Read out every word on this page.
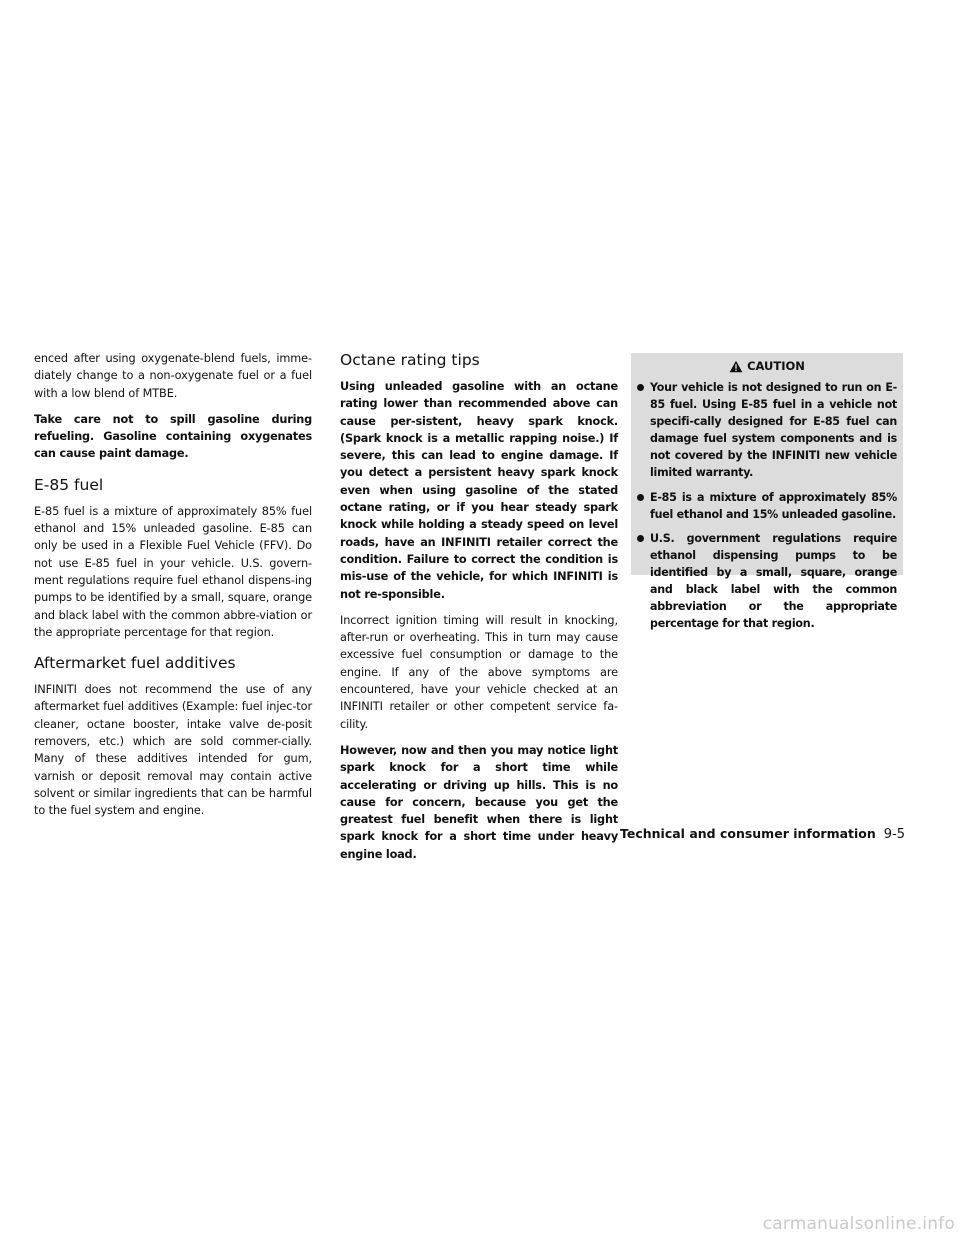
enced after using oxygenate-blend fuels, imme-diately change to a non-oxygenate fuel or a fuel with a low blend of MTBE.

Take care not to spill gasoline during refueling. Gasoline containing oxygenates can cause paint damage.

E-85 fuel

E-85 fuel is a mixture of approximately 85% fuel ethanol and 15% unleaded gasoline. E-85 can only be used in a Flexible Fuel Vehicle (FFV). Do not use E-85 fuel in your vehicle. U.S. govern-ment regulations require fuel ethanol dispens-ing pumps to be identified by a small, square, orange and black label with the common abbre-viation or the appropriate percentage for that region.

Aftermarket fuel additives

INFINITI does not recommend the use of any aftermarket fuel additives (Example: fuel injec-tor cleaner, octane booster, intake valve de-posit removers, etc.) which are sold commer-cially. Many of these additives intended for gum, varnish or deposit removal may contain active solvent or similar ingredients that can be harmful to the fuel system and engine.

Octane rating tips

Using unleaded gasoline with an octane rating lower than recommended above can cause per-sistent, heavy spark knock. (Spark knock is a metallic rapping noise.) If severe, this can lead to engine damage. If you detect a persistent heavy spark knock even when using gasoline of the stated octane rating, or if you hear steady spark knock while holding a steady speed on level roads, have an INFINITI retailer correct the condition. Failure to correct the condition is mis-use of the vehicle, for which INFINITI is not re-sponsible.

Incorrect ignition timing will result in knocking, after-run or overheating. This in turn may cause excessive fuel consumption or damage to the engine. If any of the above symptoms are encountered, have your vehicle checked at an INFINITI retailer or other competent service fa-cility.

However, now and then you may notice light spark knock for a short time while accelerating or driving up hills. This is no cause for concern, because you get the greatest fuel benefit when there is light spark knock for a short time under heavy engine load.

CAUTION
Your vehicle is not designed to run on E-85 fuel. Using E-85 fuel in a vehicle not specifi-cally designed for E-85 fuel can damage fuel system components and is not covered by the INFINITI new vehicle limited warranty.
E-85 is a mixture of approximately 85% fuel ethanol and 15% unleaded gasoline.
U.S. government regulations require ethanol dispensing pumps to be identified by a small, square, orange and black label with the common abbreviation or the appropriate percentage for that region.
Technical and consumer information 9-5
carmanualsonline.info
